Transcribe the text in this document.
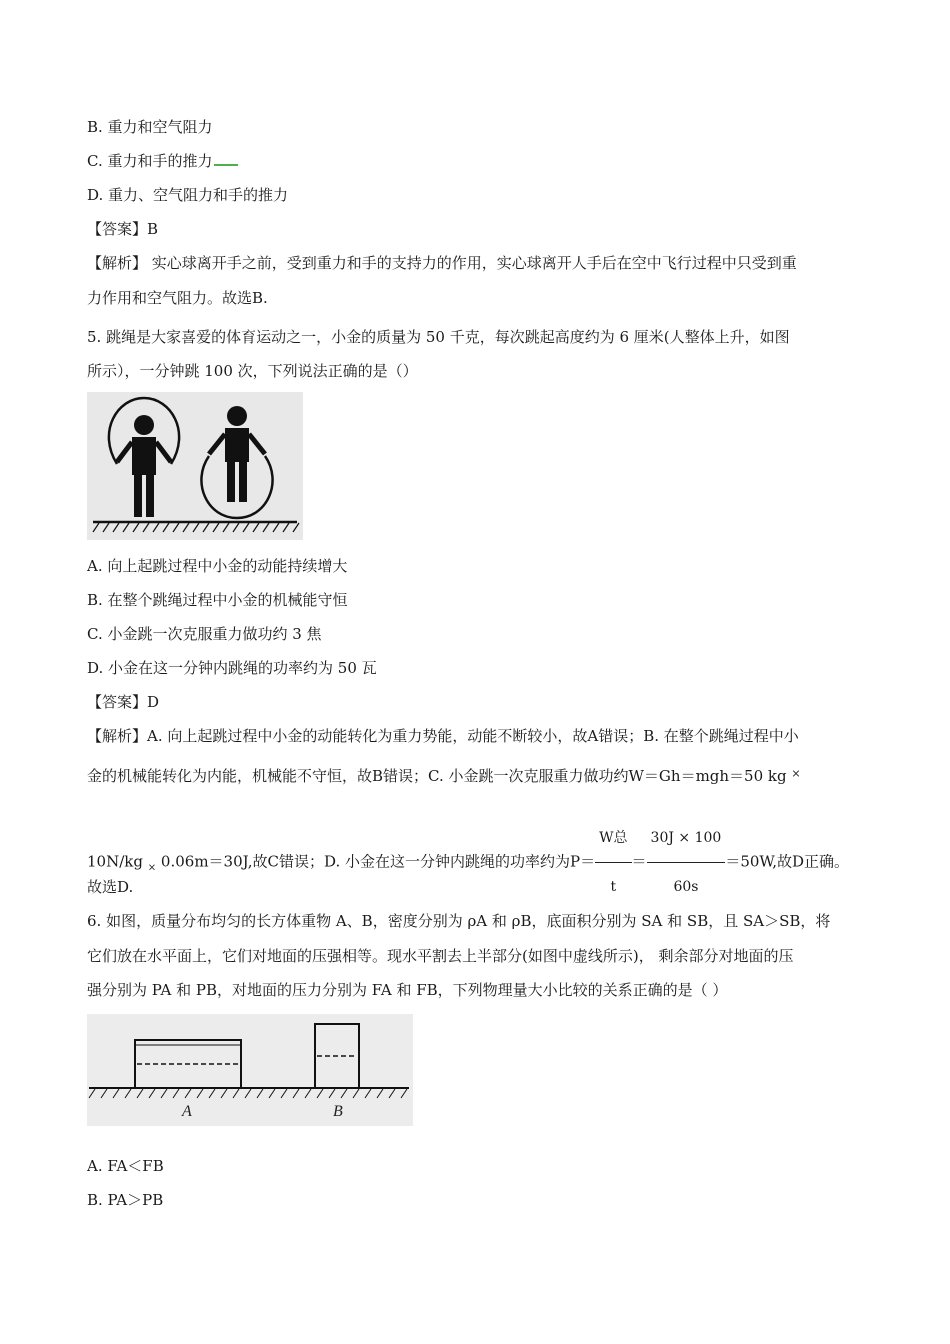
B. 重力和空气阻力
C. 重力和手的推力
D. 重力、空气阻力和手的推力
【答案】B
【解析】 实心球离开手之前，受到重力和手的支持力的作用，实心球离开人手后在空中飞行过程中只受到重
力作用和空气阻力。故选B.
5. 跳绳是大家喜爱的体育运动之一，小金的质量为 50 千克，每次跳起高度约为 6 厘米(人整体上升，如图
所示），一分钟跳 100 次，下列说法正确的是（）
A. 向上起跳过程中小金的动能持续增大
B. 在整个跳绳过程中小金的机械能守恒
C. 小金跳一次克服重力做功约 3 焦
D. 小金在这一分钟内跳绳的功率约为 50 瓦
【答案】D
【解析】A. 向上起跳过程中小金的动能转化为重力势能，动能不断较小，故A错误；B. 在整个跳绳过程中小
金的机械能转化为内能，机械能不守恒，故B错误；C. 小金跳一次克服重力做功约W＝Gh＝mgh＝50 kg ×
10N/kg $_\times$ 0.06m＝30J,故C错误；D. 小金在这一分钟内跳绳的功率约为$P= \frac{\text{W总}}{t} = \frac{30J \times 100}{60s} =50W$,故D正确。
故选D.
6. 如图，质量分布均匀的长方体重物 A、B，密度分别为 ρA 和 ρB，底面积分别为 SA 和 SB，且 SA＞SB，将
它们放在水平面上，它们对地面的压强相等。现水平割去上半部分(如图中虚线所示)， 剩余部分对地面的压
强分别为 PA 和 PB，对地面的压力分别为 FA 和 FB，下列物理量大小比较的关系正确的是（ ）
A	B
A. FA＜FB
B. PA＞PB
